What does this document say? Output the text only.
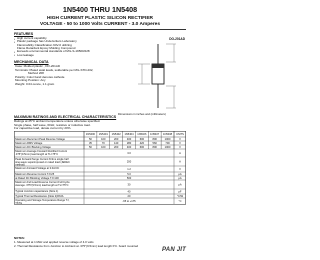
1N5400 THRU 1N5408
HIGH CURRENT PLASTIC SILICON RECTIFIER
VOLTAGE - 50 to 1000 Volts CURRENT - 3.0 Amperes
FEATURES
• High current capability
• Plastic package has Underwriters Laboratory
Flammability Classification 94V-0 utilizing
Flame Retardant Epoxy Molding Compound
• Exceeds environmental standards of MIL-S-19500/228
• Low leakage
DO-201AD
Dimensions in inches and (millimeters)
MECHANICAL DATA
Case: Molded plastic , DO-201AD
Terminals: Plated axial leads, solderable per MIL-STD-202,
Method 208
Polarity: Color band denotes cathode
Mounting Position: Any
Weight: 0.04 ounce, 1.1 gram
MAXIMUM RATINGS AND ELECTRICAL CHARACTERISTICS
Ratings at 25°C ambient temperature unless otherwise specified.
Single phase, half wave, 60Hz, resistive or inductive load.
For capacitive load, derate current by 20%.
1N5400 1N5401 1N5402 1N5404 1N5406 1N5407 1N5408 UNITS
Maximum Recurrent Peak Reverse Voltage	50	100	200	400	600	800	1000	V
Maximum RMS Voltage	35	70	140	280	420	560	700	V
Maximum DC Blocking Voltage	50	100	200	400	600	800	1000	V
Maximum Average Forward Rectified Current
.375"(9.5mm) lead length at TL=75°C	3.0	A
Peak Forward Surge Current 8.3ms single half
sine-wave superimposed on rated load (JEDEC
method)
200	A
Maximum Forward Voltage at 3.0A DC	1.2	V
Maximum Reverse Current TJ=25	5.0	μA
at Rated DC Blocking Voltage TJ=100	500	μA
Maximum Full Load Reverse Current Full Cycle
Average .375"(9.5mm) lead length at TL=75°C	30	μA
Typical Junction capacitance (Note 1)	40	pF
Typical Thermal Resistance (Note 2)RθJA	20	°C/W
Operating and Storage Temperature Range TJ,
TSTG
-65 to +175	°C
NOTES:
1. Measured at 1 MHz and applied reverse voltage of 4.0 volts
2. Thermal Resistance from Junction to Ambient at .375"(9.5mm) lead length P.C. board mounted
PAN JIT
